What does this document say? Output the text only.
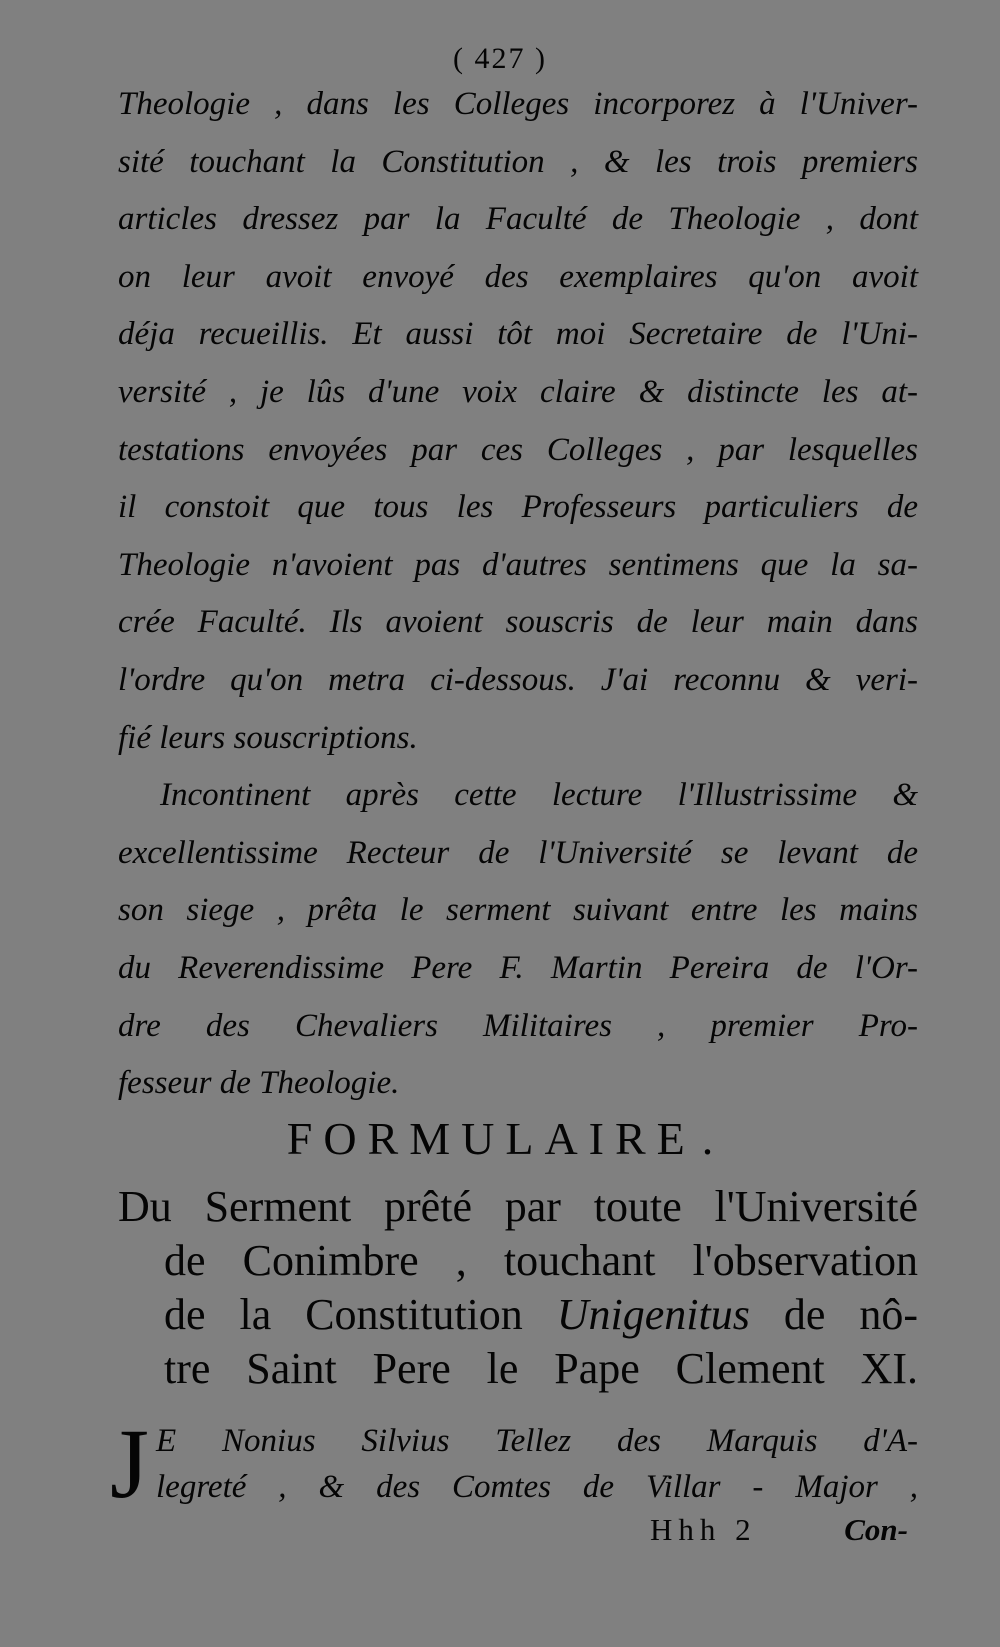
( 427 )
Theologie , dans les Colleges incorporez à l'Univer-
sité touchant la Constitution , & les trois premiers
articles dressez par la Faculté de Theologie , dont
on leur avoit envoyé des exemplaires qu'on avoit
déja recueillis. Et aussi tôt moi Secretaire de l'Uni-
versité , je lûs d'une voix claire & distincte les at-
testations envoyées par ces Colleges , par lesquelles
il constoit que tous les Professeurs particuliers de
Theologie n'avoient pas d'autres sentimens que la sa-
crée Faculté. Ils avoient souscris de leur main dans
l'ordre qu'on metra ci-dessous. J'ai reconnu & veri-
fié leurs souscriptions.
Incontinent après cette lecture l'Illustrissime &
excellentissime Recteur de l'Université se levant de
son siege , prêta le serment suivant entre les mains
du Reverendissime Pere F. Martin Pereira de l'Or-
dre des Chevaliers Militaires , premier Pro-
fesseur de Theologie.
FORMULAIRE .
Du Serment prêté par toute l'Université
de Conimbre , touchant l'observation
de la Constitution Unigenitus de nô-
tre Saint Pere le Pape Clement XI.
J E Nonius Silvius Tellez des Marquis d'A-
legreté , & des Comtes de Villar - Major ,
Hhh 2	Con-
